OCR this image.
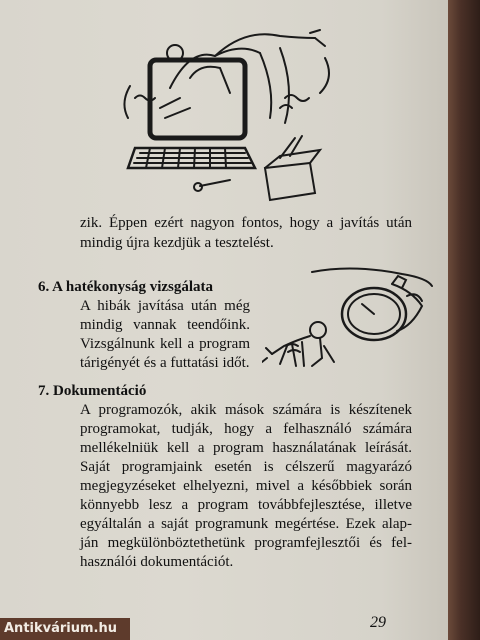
zik. Éppen ezért nagyon fontos, hogy a javítás után
mindig újra kezdjük a tesztelést.
6. A hatékonyság vizsgálata
A hibák javítása után még
mindig vannak teendőink.
Vizsgálnunk kell a program
tárigényét és a futtatási időt.
7. Dokumentáció
A programozók, akik mások számára is készítenek
programokat, tudják, hogy a felhasználó számára
mellékelniük kell a program használatának leírását.
Saját programjaink esetén is célszerű magyarázó
megjegyzéseket elhelyezni, mivel a későbbiek során
könnyebb lesz a program továbbfejlesztése, illetve
egyáltalán a saját programunk megértése. Ezek alap-
ján megkülönböztethetünk programfejlesztői és fel-
használói dokumentációt.
29
Antikvárium.hu
